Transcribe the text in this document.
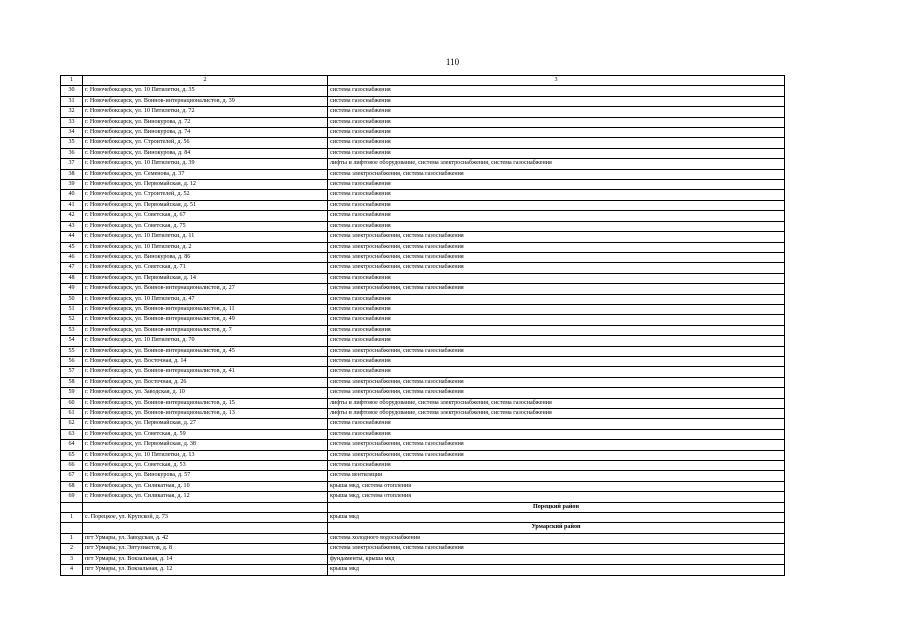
110
1	2	3
30	г. Новочебоксарск, ул. 10 Пятилетки, д. 35	система газоснабжения
31	г. Новочебоксарск, ул. Воинов-интернационалистов, д. 39	система газоснабжения
32	г. Новочебоксарск, ул. 10 Пятилетки, д. 72	система газоснабжения
33	г. Новочебоксарск, ул. Винокурова, д. 72	система газоснабжения
34	г. Новочебоксарск, ул. Винокурова, д. 74	система газоснабжения
35	г. Новочебоксарск, ул. Строителей, д. 56	система газоснабжения
36	г. Новочебоксарск, ул. Винокурова, д. 84	система газоснабжения
37	г. Новочебоксарск, ул. 10 Пятилетки, д. 39	лифты и лифтовое оборудование, система электроснабжения, система газоснабжения
38	г. Новочебоксарск, ул. Семенова, д. 37	система электроснабжения, система газоснабжения
39	г. Новочебоксарск, ул. Первомайская, д. 12	система газоснабжения
40	г. Новочебоксарск, ул. Строителей, д. 52	система газоснабжения
41	г. Новочебоксарск, ул. Первомайская, д. 51	система газоснабжения
42	г. Новочебоксарск, ул. Советская, д. 67	система газоснабжения
43	г. Новочебоксарск, ул. Советская, д. 75	система газоснабжения
44	г. Новочебоксарск, ул. 10 Пятилетки, д. 11	система электроснабжения, система газоснабжения
45	г. Новочебоксарск, ул. 10 Пятилетки, д. 2	система электроснабжения, система газоснабжения
46	г. Новочебоксарск, ул. Винокурова, д. 86	система электроснабжения, система газоснабжения
47	г. Новочебоксарск, ул. Советская, д. 71	система электроснабжения, система газоснабжения
48	г. Новочебоксарск, ул. Первомайская, д. 14	система газоснабжения
49	г. Новочебоксарск, ул. Воинов-интернационалистов, д. 27	система электроснабжения, система газоснабжения
50	г. Новочебоксарск, ул. 10 Пятилетки, д. 47	система газоснабжения
51	г. Новочебоксарск, ул. Воинов-интернационалистов, д. 11	система газоснабжения
52	г. Новочебоксарск, ул. Воинов-интернационалистов, д. 49	система газоснабжения
53	г. Новочебоксарск, ул. Воинов-интернационалистов, д. 7	система газоснабжения
54	г. Новочебоксарск, ул. 10 Пятилетки, д. 70	система газоснабжения
55	г. Новочебоксарск, ул. Воинов-интернационалистов, д. 45	система электроснабжения, система газоснабжения
56	г. Новочебоксарск, ул. Восточная, д. 14	система газоснабжения
57	г. Новочебоксарск, ул. Воинов-интернационалистов, д. 41	система газоснабжения
58	г. Новочебоксарск, ул. Восточная, д. 26	система электроснабжения, система газоснабжения
59	г. Новочебоксарск, ул. Заводская, д. 10	система электроснабжения, система газоснабжения
60	г. Новочебоксарск, ул. Воинов-интернационалистов, д. 15	лифты и лифтовое оборудование, система электроснабжения, система газоснабжения
61	г. Новочебоксарск, ул. Воинов-интернационалистов, д. 13	лифты и лифтовое оборудование, система электроснабжения, система газоснабжения
62	г. Новочебоксарск, ул. Первомайская, д. 27	система газоснабжения
63	г. Новочебоксарск, ул. Советская, д. 59	система газоснабжения
64	г. Новочебоксарск, ул. Первомайская, д. 38	система электроснабжения, система газоснабжения
65	г. Новочебоксарск, ул. 10 Пятилетки, д. 13	система электроснабжения, система газоснабжения
66	г. Новочебоксарск, ул. Советская, д. 53	система газоснабжения
67	г. Новочебоксарск, ул. Винокурова, д. 57	система вентиляции
68	г. Новочебоксарск, ул. Силикатная, д. 10	крыша мкд, система отопления
69	г. Новочебоксарск, ул. Силикатная, д. 12	крыша мкд, система отопления
		Порецкий район
1	с. Порецкое, ул. Крупской, д. 73	крыша мкд
		Урмарский район
1	пгт Урмары, ул. Заводская, д. 42	система холодного водоснабжения
2	пгт Урмары, ул. Энтузиастов, д. 8	система электроснабжения, система газоснабжения
3	пгт Урмары, ул. Вокзальная, д. 14	фундаменты, крыша мкд
4	пгт Урмары, ул. Вокзальная, д. 12	крыша мкд
